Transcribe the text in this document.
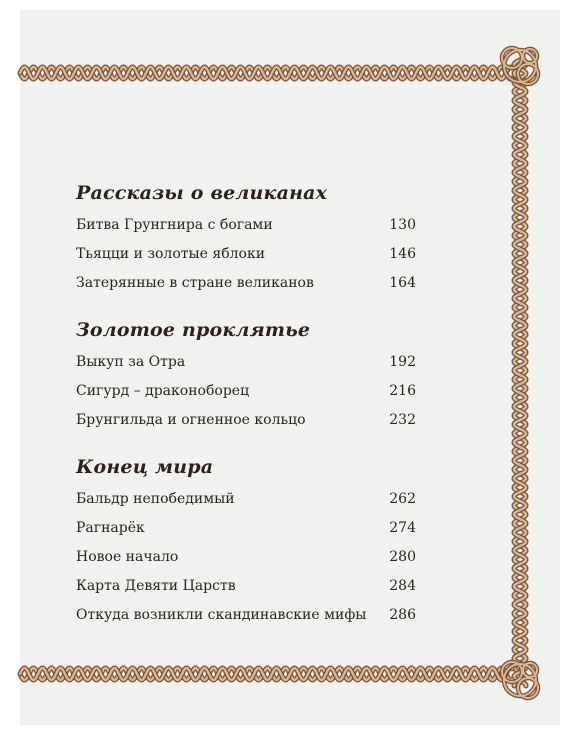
Рассказы о великанах
Битва Грунгнира с богами	130
Тьяцци и золотые яблоки	146
Затерянные в стране великанов	164
Золотое проклятье
Выкуп за Отра	192
Сигурд – драконоборец	216
Брунгильда и огненное кольцо	232
Конец мира
Бальдр непобедимый	262
Рагнарёк	274
Новое начало	280
Карта Девяти Царств	284
Откуда возникли скандинавские мифы 286
